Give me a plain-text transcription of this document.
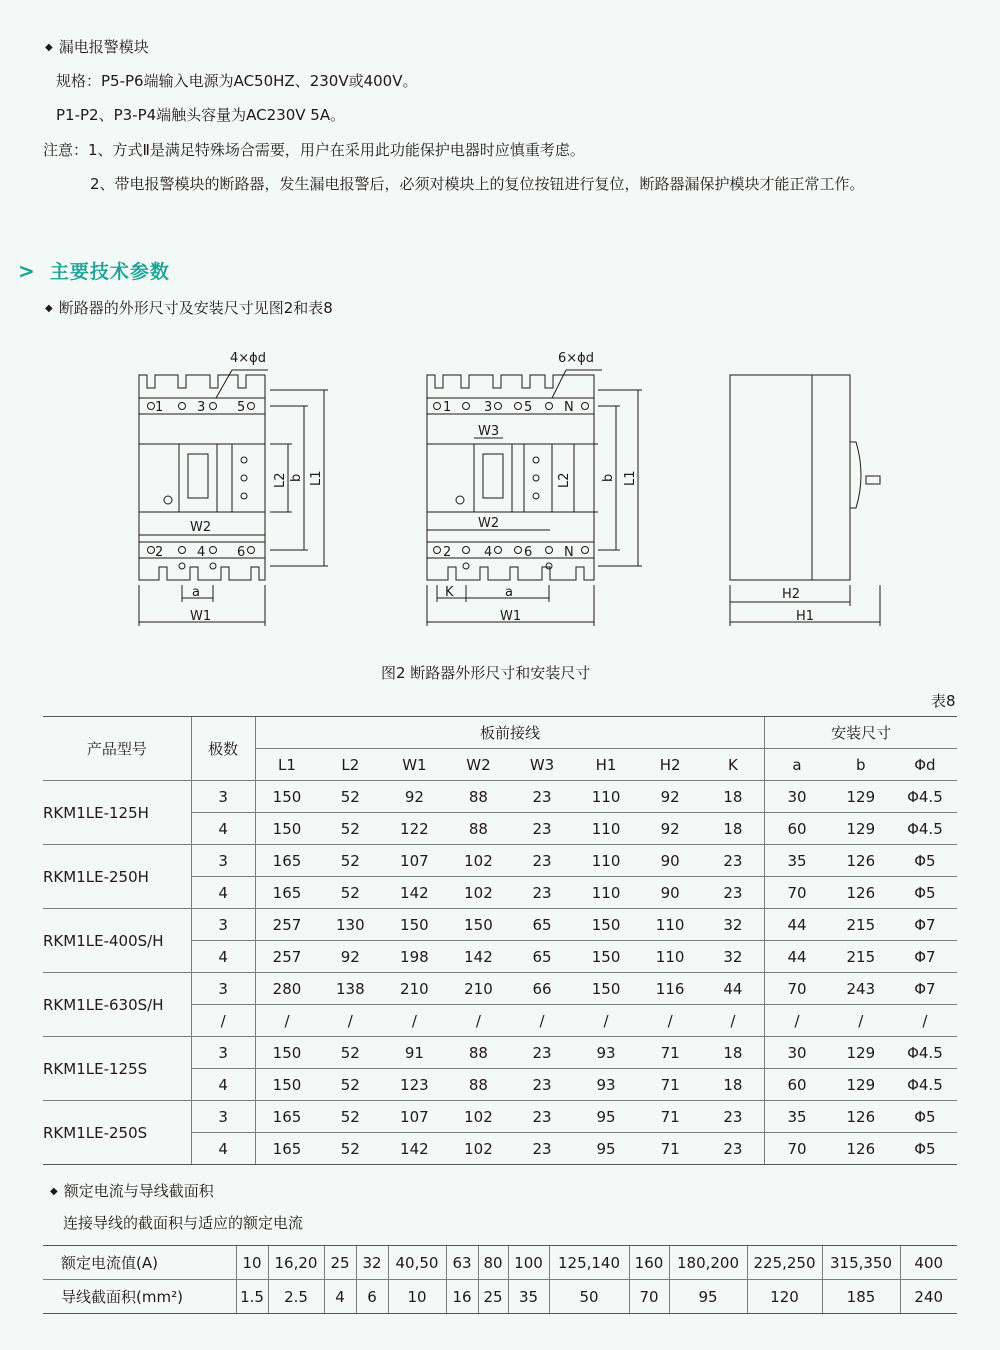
◆ 漏电报警模块
规格：P5-P6端输入电源为AC50HZ、230V或400V。
P1-P2、P3-P4端触头容量为AC230V 5A。
注意：1、方式Ⅱ是满足特殊场合需要，用户在采用此功能保护电器时应慎重考虑。
2、带电报警模块的断路器，发生漏电报警后，必须对模块上的复位按钮进行复位，断路器漏保护模块才能正常工作。
> 主要技术参数
◆ 断路器的外形尺寸及安装尺寸见图2和表8
4×ϕd
1	3 5
2	4 6
W2
a
W1
L2 b L1
6×ϕd
1	3 5 N
2	4 6 N
W3
W2
K	a
W1
L2 b L1
H2
H1
图2 断路器外形尺寸和安装尺寸
表8
产品型号	极数	板前接线								安装尺寸		
		L1	L2	W1	W2	W3	H1	H2	K	a	b	Φd
RKM1LE-125H	3	150	52	92	88	23	110	92	18	30	129	Φ4.5
	4	150	52	122	88	23	110	92	18	60	129	Φ4.5
RKM1LE-250H	3	165	52	107	102	23	110	90	23	35	126	Φ5
	4	165	52	142	102	23	110	90	23	70	126	Φ5
RKM1LE-400S/H	3	257	130	150	150	65	150	110	32	44	215	Φ7
	4	257	92	198	142	65	150	110	32	44	215	Φ7
RKM1LE-630S/H	3	280	138	210	210	66	150	116	44	70	243	Φ7
	/	/	/	/	/	/	/	/	/	/	/	/
RKM1LE-125S	3	150	52	91	88	23	93	71	18	30	129	Φ4.5
	4	150	52	123	88	23	93	71	18	60	129	Φ4.5
RKM1LE-250S	3	165	52	107	102	23	95	71	23	35	126	Φ5
	4	165	52	142	102	23	95	71	23	70	126	Φ5
◆ 额定电流与导线截面积
连接导线的截面积与适应的额定电流
额定电流值(A)	10	16,20	25	32	40,50	63	80	100	125,140	160	180,200	225,250	315,350	400
导线截面积(mm²)	1.5	2.5	4	6	10	16	25	35	50	70	95	120	185	240
